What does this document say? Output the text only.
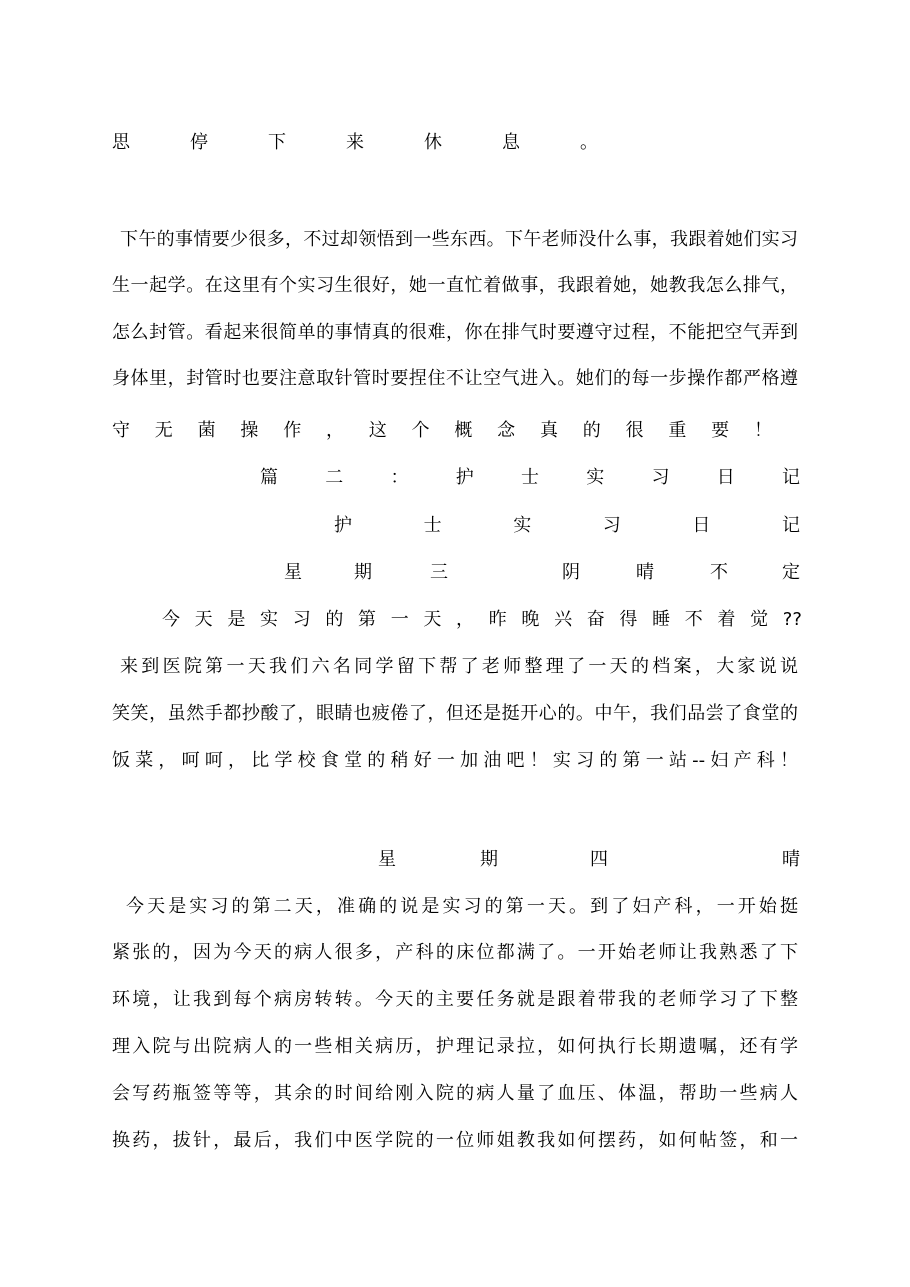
思	停	下	来	休	息	。
下午的事情要少很多，不过却领悟到一些东西。下午老师没什么事，我跟着她们实习
生一起学。在这里有个实习生很好，她一直忙着做事，我跟着她，她教我怎么排气，
怎么封管。看起来很简单的事情真的很难，你在排气时要遵守过程，不能把空气弄到
身体里，封管时也要注意取针管时要捏住不让空气进入。她们的每一步操作都严格遵
守 无 菌 操 作 ， 这 个 概 念 真 的 很 重 要 ！
篇	二	：	护	士	实	习	日	记
护	士	实	习	日	记
星	期	三	阴	晴	不	定
今 天 是 实 习 的 第 一 天 ， 昨 晚 兴 奋 得 睡 不 着 觉 ??
来到医院第一天我们六名同学留下帮了老师整理了一天的档案，大家说说
笑笑，虽然手都抄酸了，眼睛也疲倦了，但还是挺开心的。中午，我们品尝了食堂的
饭菜，呵呵，比学校食堂的稍好一加油吧！实习的第一站--妇产科！
星	期	四	晴
今天是实习的第二天，准确的说是实习的第一天。到了妇产科，一开始挺
紧张的，因为今天的病人很多，产科的床位都满了。一开始老师让我熟悉了下
环境，让我到每个病房转转。今天的主要任务就是跟着带我的老师学习了下整
理入院与出院病人的一些相关病历，护理记录拉，如何执行长期遗嘱，还有学
会写药瓶签等等，其余的时间给刚入院的病人量了血压、体温，帮助一些病人
换药，拔针，最后，我们中医学院的一位师姐教我如何摆药，如何帖签，和一
